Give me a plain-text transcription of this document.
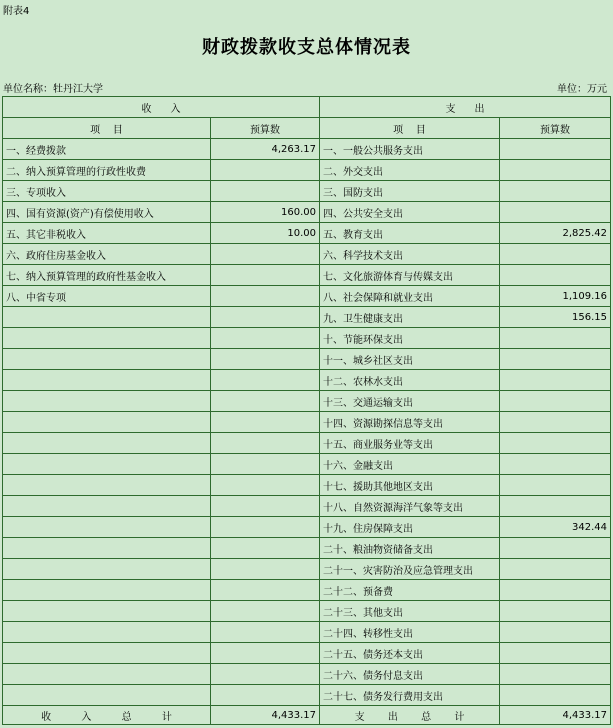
附表4
财政拨款收支总体情况表
单位名称：牡丹江大学	单位：万元
收      入		支      出	
项    目	预算数	项    目	预算数
一、经费拨款	4,263.17	一、一般公共服务支出	
二、纳入预算管理的行政性收费		二、外交支出	
三、专项收入		三、国防支出	
四、国有资源(资产)有偿使用收入	160.00	四、公共安全支出	
五、其它非税收入	10.00	五、教育支出	2,825.42
六、政府住房基金收入		六、科学技术支出	
七、纳入预算管理的政府性基金收入		七、文化旅游体育与传媒支出	
八、中省专项		八、社会保障和就业支出	1,109.16
		九、卫生健康支出	156.15
		十、节能环保支出	
		十一、城乡社区支出	
		十二、农林水支出	
		十三、交通运输支出	
		十四、资源勘探信息等支出	
		十五、商业服务业等支出	
		十六、金融支出	
		十七、援助其他地区支出	
		十八、自然资源海洋气象等支出	
		十九、住房保障支出	342.44
		二十、粮油物资储备支出	
		二十一、灾害防治及应急管理支出	
		二十二、预备费	
		二十三、其他支出	
		二十四、转移性支出	
		二十五、债务还本支出	
		二十六、债务付息支出	
		二十七、债务发行费用支出	

收 入 总 计	4,433.17	支 出 总 计	4,433.17
